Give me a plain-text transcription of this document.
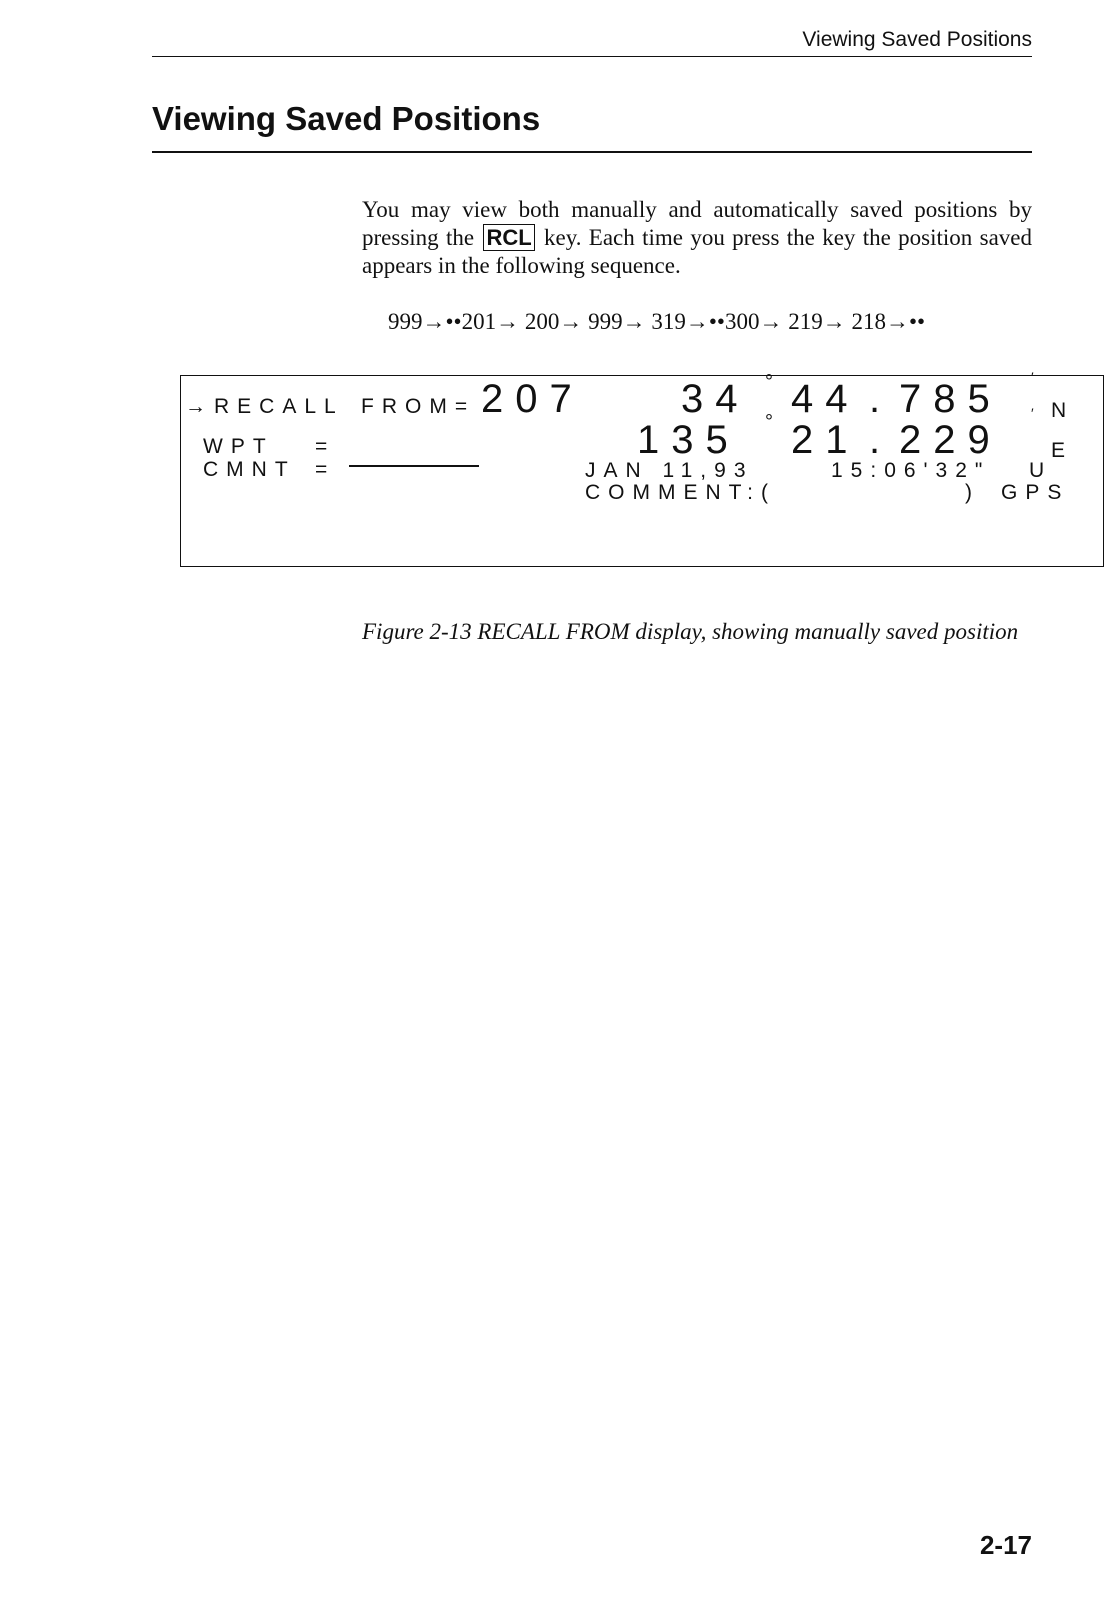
Viewing Saved Positions
Viewing Saved Positions
You may view both manually and automatically saved positions by pressing the RCL key. Each time you press the key the position saved appears in the following sequence.
999→••201→ 200→ 999→ 319→••300→ 219→ 218→••
→RECALL FROM= 207 34 ° 44 . 785 ′
N
WPT =
CMNT =
135 ° 21 . 229
′
E
JAN 11,93	15:06'32" U
COMMENT:(	) GPS
Figure 2-13 RECALL FROM display, showing manually saved position
2-17
